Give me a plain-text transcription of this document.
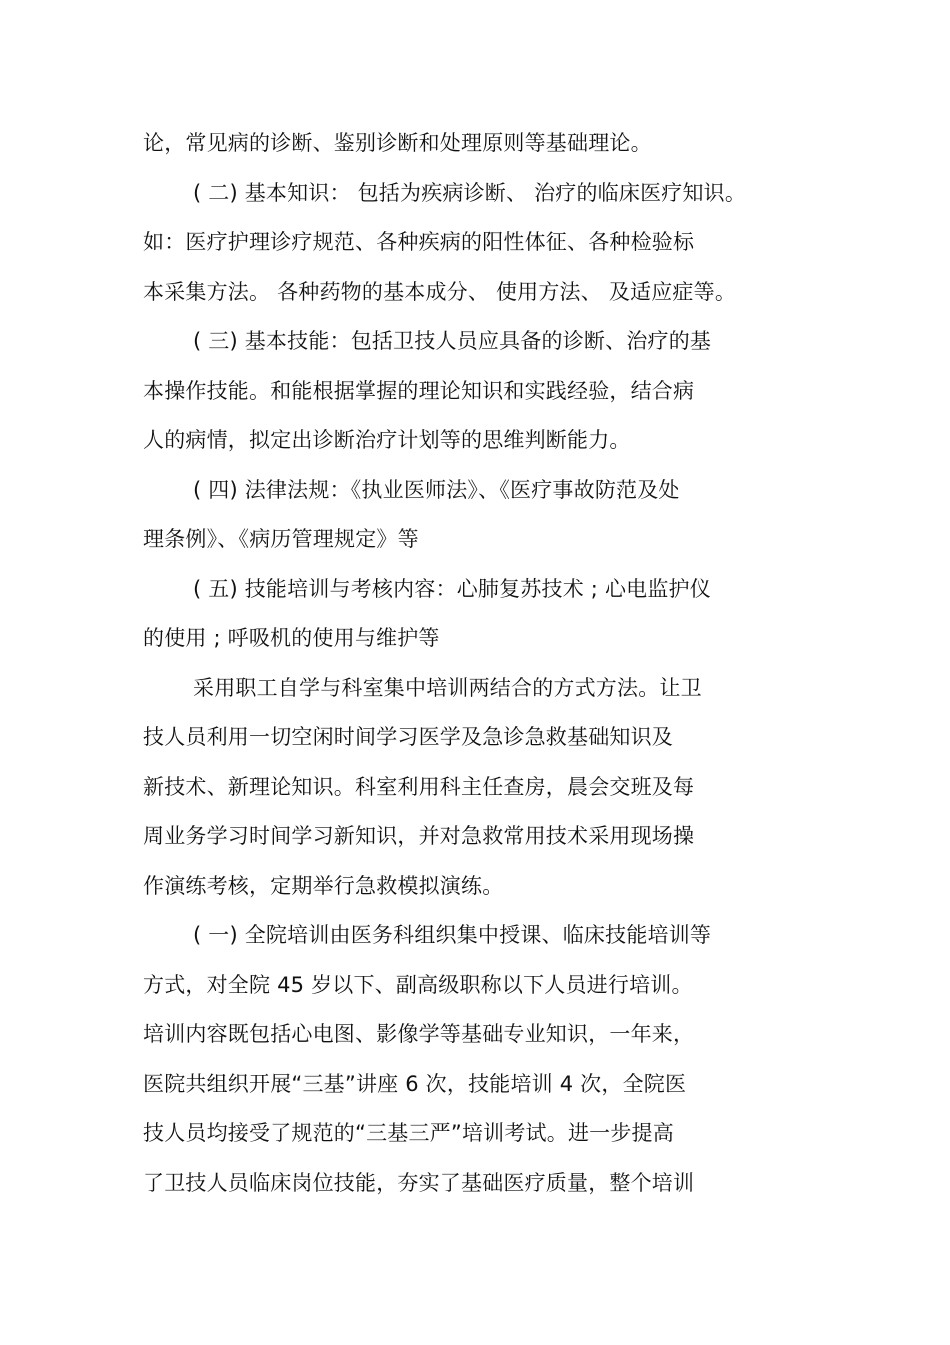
论，常见病的诊断、鉴别诊断和处理原则等基础理论。
( 二) 基本知识： 包括为疾病诊断、 治疗的临床医疗知识。
如：医疗护理诊疗规范、各种疾病的阳性体征、各种检验标
本采集方法。 各种药物的基本成分、 使用方法、 及适应症等。
( 三) 基本技能：包括卫技人员应具备的诊断、治疗的基
本操作技能。和能根据掌握的理论知识和实践经验，结合病
人的病情，拟定出诊断治疗计划等的思维判断能力。
( 四) 法律法规：《执业医师法》、《医疗事故防范及处
理条例》、《病历管理规定》等
( 五) 技能培训与考核内容：心肺复苏技术 ; 心电监护仪
的使用 ; 呼吸机的使用与维护等
采用职工自学与科室集中培训两结合的方式方法。让卫
技人员利用一切空闲时间学习医学及急诊急救基础知识及
新技术、新理论知识。科室利用科主任查房，晨会交班及每
周业务学习时间学习新知识，并对急救常用技术采用现场操
作演练考核，定期举行急救模拟演练。
( 一) 全院培训由医务科组织集中授课、临床技能培训等
方式，对全院 45 岁以下、副高级职称以下人员进行培训。
培训内容既包括心电图、影像学等基础专业知识，一年来，
医院共组织开展“三基”讲座 6 次，技能培训 4 次，全院医
技人员均接受了规范的“三基三严”培训考试。进一步提高
了卫技人员临床岗位技能，夯实了基础医疗质量，整个培训
